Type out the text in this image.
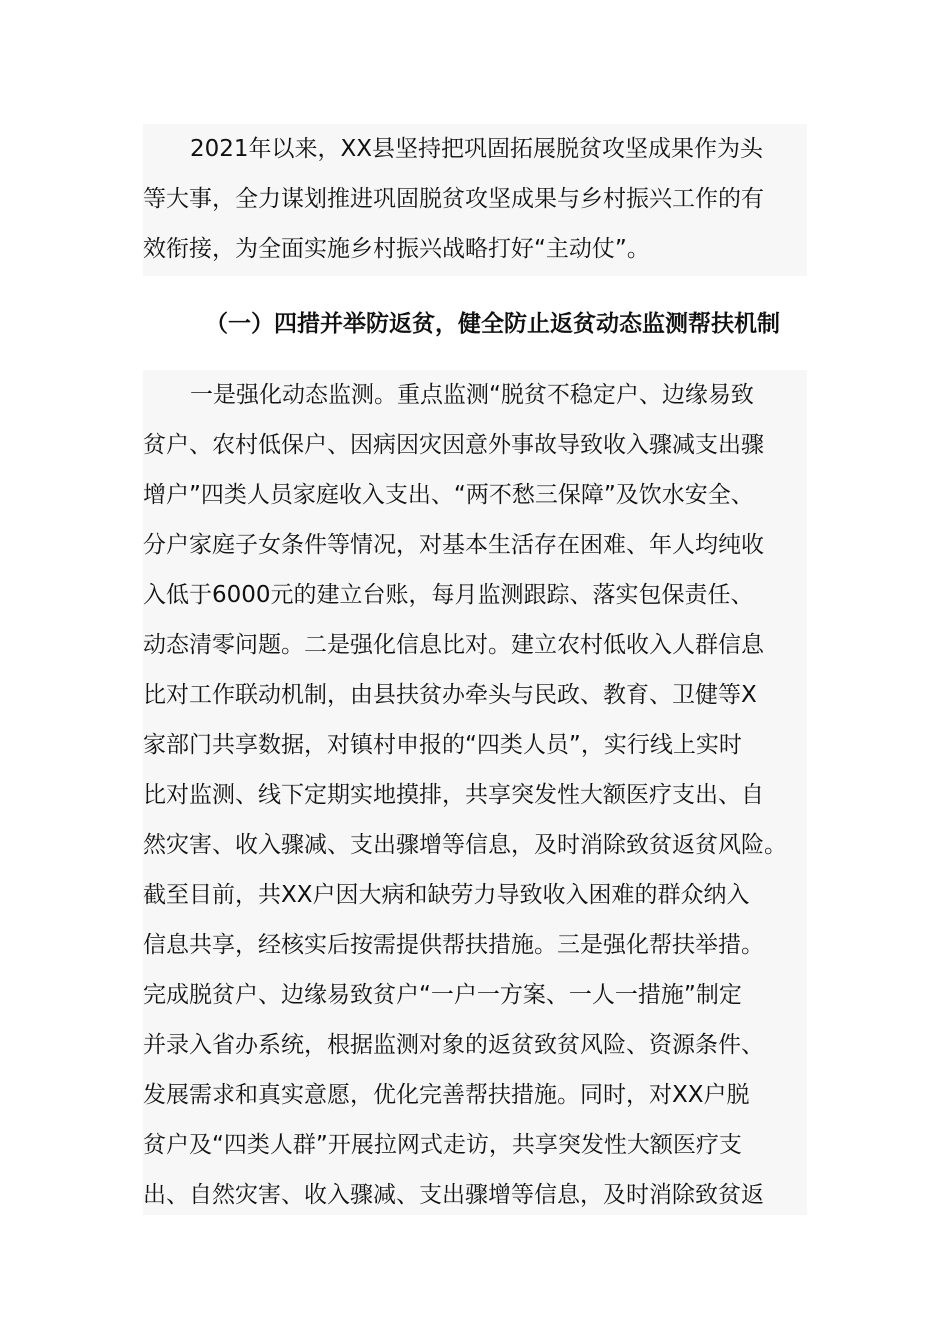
2021年以来，XX县坚持把巩固拓展脱贫攻坚成果作为头
等大事，全力谋划推进巩固脱贫攻坚成果与乡村振兴工作的有
效衔接，为全面实施乡村振兴战略打好“主动仗”。
（一）四措并举防返贫，健全防止返贫动态监测帮扶机制
一是强化动态监测。重点监测“脱贫不稳定户、边缘易致
贫户、农村低保户、因病因灾因意外事故导致收入骤减支出骤
增户”四类人员家庭收入支出、“两不愁三保障”及饮水安全、
分户家庭子女条件等情况，对基本生活存在困难、年人均纯收
入低于6000元的建立台账，每月监测跟踪、落实包保责任、
动态清零问题。二是强化信息比对。建立农村低收入人群信息
比对工作联动机制，由县扶贫办牵头与民政、教育、卫健等X
家部门共享数据，对镇村申报的“四类人员”，实行线上实时
比对监测、线下定期实地摸排，共享突发性大额医疗支出、自
然灾害、收入骤减、支出骤增等信息，及时消除致贫返贫风险。
截至目前，共XX户因大病和缺劳力导致收入困难的群众纳入
信息共享，经核实后按需提供帮扶措施。三是强化帮扶举措。
完成脱贫户、边缘易致贫户“一户一方案、一人一措施”制定
并录入省办系统，根据监测对象的返贫致贫风险、资源条件、
发展需求和真实意愿，优化完善帮扶措施。同时，对XX户脱
贫户及“四类人群”开展拉网式走访，共享突发性大额医疗支
出、自然灾害、收入骤减、支出骤增等信息，及时消除致贫返
